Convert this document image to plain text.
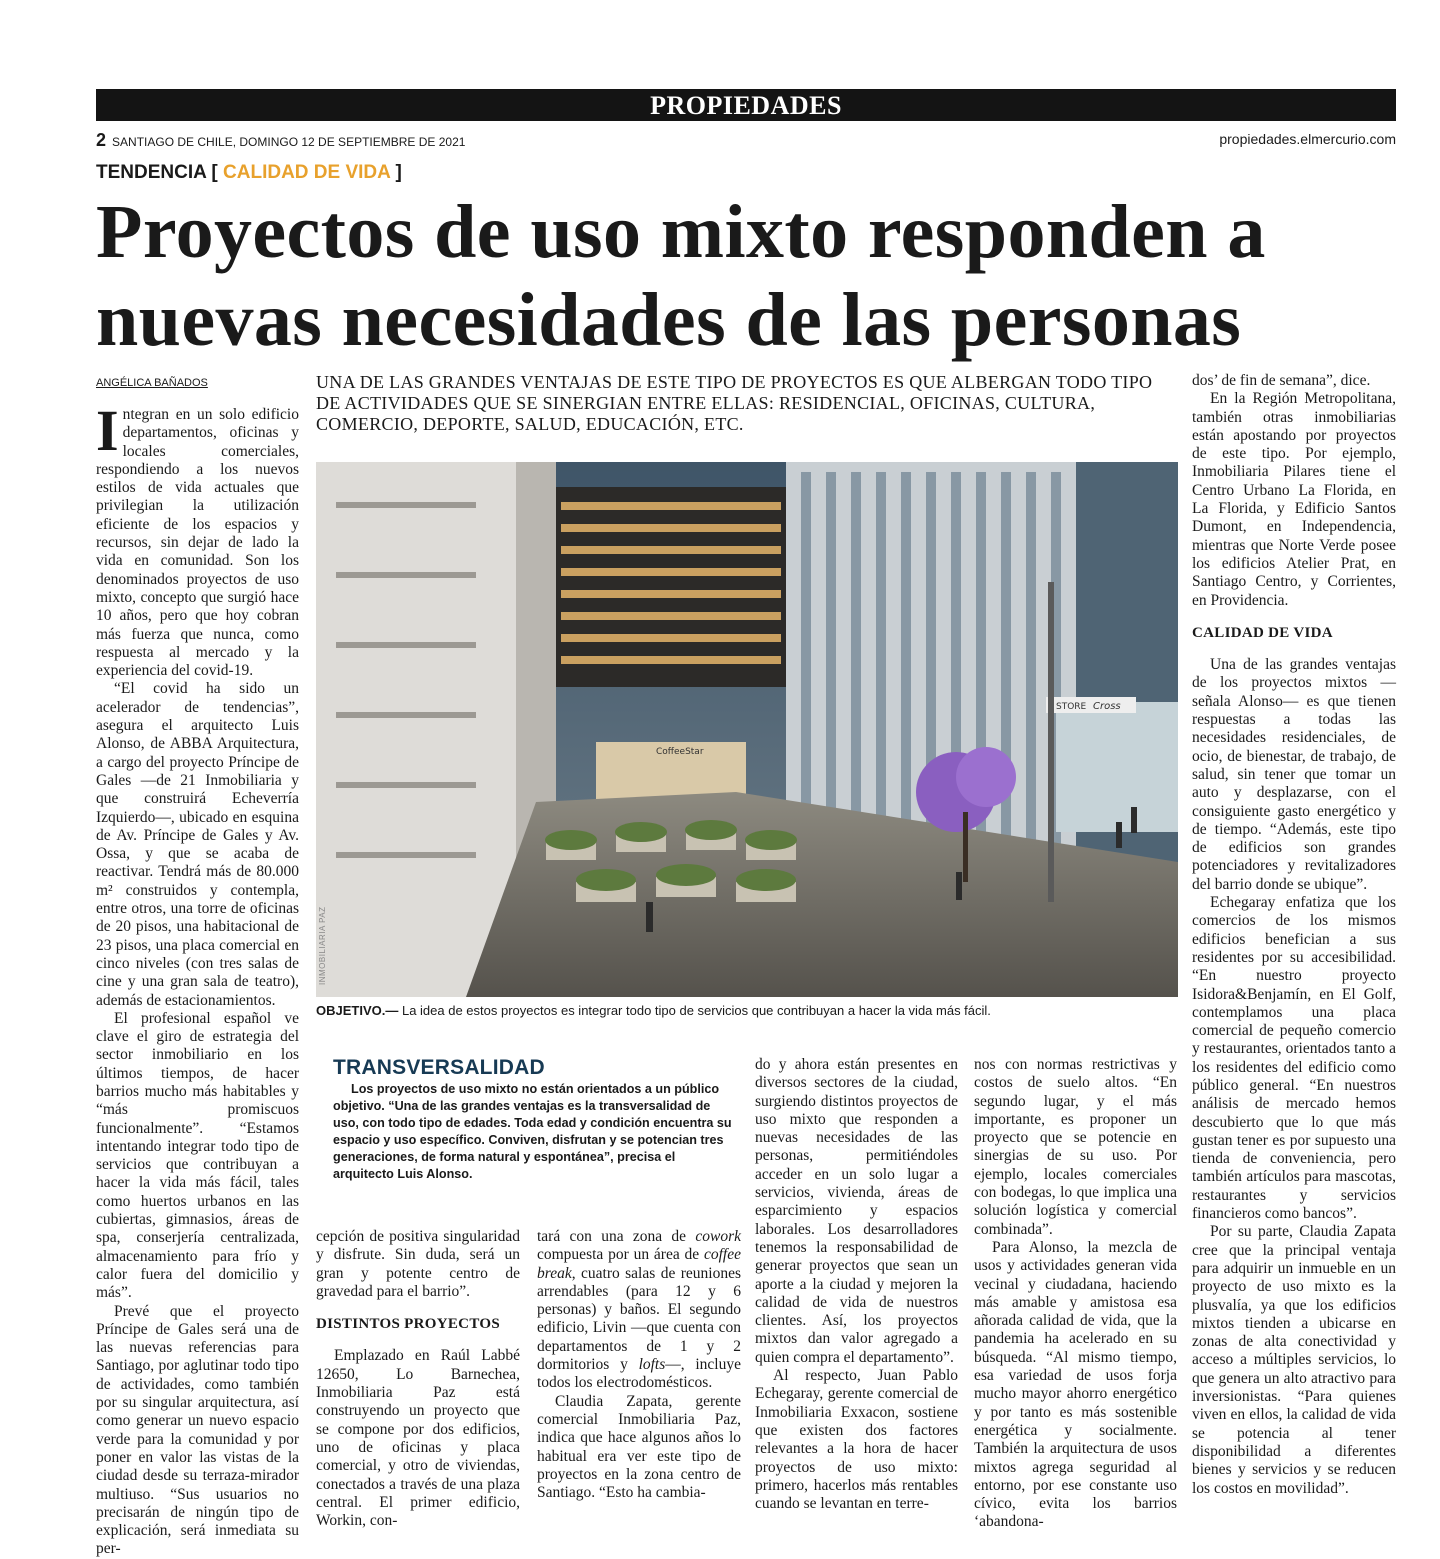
PROPIEDADES
2 SANTIAGO DE CHILE, DOMINGO 12 DE SEPTIEMBRE DE 2021	propiedades.elmercurio.com
TENDENCIA [ CALIDAD DE VIDA ]
Proyectos de uso mixto responden a nuevas necesidades de las personas
ANGÉLICA BAÑADOS	UNA DE LAS GRANDES VENTAJAS DE ESTE TIPO DE PROYECTOS ES QUE ALBERGAN TODO TIPO DE ACTIVIDADES QUE SE SINERGIAN ENTRE ELLAS: RESIDENCIAL, OFICINAS, CULTURA, COMERCIO, DEPORTE, SALUD, EDUCACIÓN, ETC.

Integran en un solo edificio departamentos, oficinas y locales comerciales, respondiendo a los nuevos estilos de vida actuales que privilegian la utilización eficiente de los espacios y recursos, sin dejar de lado la vida en comunidad. Son los denominados proyectos de uso mixto, concepto que surgió hace 10 años, pero que hoy cobran más fuerza que nunca, como respuesta al mercado y la experiencia del covid-19.

“El covid ha sido un acelerador de tendencias”, asegura el arquitecto Luis Alonso, de ABBA Arquitectura, a cargo del proyecto Príncipe de Gales —de 21 Inmobiliaria y que construirá Echeverría Izquierdo—, ubicado en esquina de Av. Príncipe de Gales y Av. Ossa, y que se acaba de reactivar. Tendrá más de 80.000 m² construidos y contempla, entre otros, una torre de oficinas de 20 pisos, una habitacional de 23 pisos, una placa comercial en cinco niveles (con tres salas de cine y una gran sala de teatro), además de estacionamientos.

El profesional español ve clave el giro de estrategia del sector inmobiliario en los últimos tiempos, de hacer barrios mucho más habitables y “más promiscuos funcionalmente”. “Estamos intentando integrar todo tipo de servicios que contribuyan a hacer la vida más fácil, tales como huertos urbanos en las cubiertas, gimnasios, áreas de spa, conserjería centralizada, almacenamiento para frío y calor fuera del domicilio y más”.

Prevé que el proyecto Príncipe de Gales será una de las nuevas referencias para Santiago, por aglutinar todo tipo de actividades, como también por su singular arquitectura, así como generar un nuevo espacio verde para la comunidad y por poner en valor las vistas de la ciudad desde su terraza-mirador multiuso. “Sus usuarios no precisarán de ningún tipo de explicación, será inmediata su per-

STORE Cross
CoffeeStar
INMOBILIARIA PAZ
OBJETIVO.— La idea de estos proyectos es integrar todo tipo de servicios que contribuyan a hacer la vida más fácil.
TRANSVERSALIDAD
Los proyectos de uso mixto no están orientados a un público objetivo. “Una de las grandes ventajas es la transversalidad de uso, con todo tipo de edades. Toda edad y condición encuentra su espacio y uso específico. Conviven, disfrutan y se potencian tres generaciones, de forma natural y espontánea”, precisa el arquitecto Luis Alonso.

cepción de positiva singularidad y disfrute. Sin duda, será un gran y potente centro de gravedad para el barrio”.

DISTINTOS PROYECTOS

Emplazado en Raúl Labbé 12650, Lo Barnechea, Inmobiliaria Paz está construyendo un proyecto que se compone por dos edificios, uno de oficinas y placa comercial, y otro de viviendas, conectados a través de una plaza central. El primer edificio, Workin, con-

tará con una zona de cowork compuesta por un área de coffee break, cuatro salas de reuniones arrendables (para 12 y 6 personas) y baños. El segundo edificio, Livin —que cuenta con departamentos de 1 y 2 dormitorios y lofts—, incluye todos los electrodomésticos.

Claudia Zapata, gerente comercial Inmobiliaria Paz, indica que hace algunos años lo habitual era ver este tipo de proyectos en la zona centro de Santiago. “Esto ha cambia-

do y ahora están presentes en diversos sectores de la ciudad, surgiendo distintos proyectos de uso mixto que responden a nuevas necesidades de las personas, permitiéndoles acceder en un solo lugar a servicios, vivienda, áreas de esparcimiento y espacios laborales. Los desarrolladores tenemos la responsabilidad de generar proyectos que sean un aporte a la ciudad y mejoren la calidad de vida de nuestros clientes. Así, los proyectos mixtos dan valor agregado a quien compra el departamento”.

Al respecto, Juan Pablo Echegaray, gerente comercial de Inmobiliaria Exxacon, sostiene que existen dos factores relevantes a la hora de hacer proyectos de uso mixto: primero, hacerlos más rentables cuando se levantan en terre-

nos con normas restrictivas y costos de suelo altos. “En segundo lugar, y el más importante, es proponer un proyecto que se potencie en sinergias de su uso. Por ejemplo, locales comerciales con bodegas, lo que implica una solución logística y comercial combinada”.

Para Alonso, la mezcla de usos y actividades generan vida vecinal y ciudadana, haciendo más amable y amistosa esa añorada calidad de vida, que la pandemia ha acelerado en su búsqueda. “Al mismo tiempo, esa variedad de usos forja mucho mayor ahorro energético y por tanto es más sostenible energética y socialmente. También la arquitectura de usos mixtos agrega seguridad al entorno, por ese constante uso cívico, evita los barrios ‘abandona-

dos’ de fin de semana”, dice.

En la Región Metropolitana, también otras inmobiliarias están apostando por proyectos de este tipo. Por ejemplo, Inmobiliaria Pilares tiene el Centro Urbano La Florida, en La Florida, y Edificio Santos Dumont, en Independencia, mientras que Norte Verde posee los edificios Atelier Prat, en Santiago Centro, y Corrientes, en Providencia.

CALIDAD DE VIDA

Una de las grandes ventajas de los proyectos mixtos —señala Alonso— es que tienen respuestas a todas las necesidades residenciales, de ocio, de bienestar, de trabajo, de salud, sin tener que tomar un auto y desplazarse, con el consiguiente gasto energético y de tiempo. “Además, este tipo de edificios son grandes potenciadores y revitalizadores del barrio donde se ubique”.

Echegaray enfatiza que los comercios de los mismos edificios benefician a sus residentes por su accesibilidad. “En nuestro proyecto Isidora&Benjamín, en El Golf, contemplamos una placa comercial de pequeño comercio y restaurantes, orientados tanto a los residentes del edificio como público general. “En nuestros análisis de mercado hemos descubierto que lo que más gustan tener es por supuesto una tienda de conveniencia, pero también artículos para mascotas, restaurantes y servicios financieros como bancos”.

Por su parte, Claudia Zapata cree que la principal ventaja para adquirir un inmueble en un proyecto de uso mixto es la plusvalía, ya que los edificios mixtos tienden a ubicarse en zonas de alta conectividad y acceso a múltiples servicios, lo que genera un alto atractivo para inversionistas. “Para quienes viven en ellos, la calidad de vida se potencia al tener disponibilidad a diferentes bienes y servicios y se reducen los costos en movilidad”.
